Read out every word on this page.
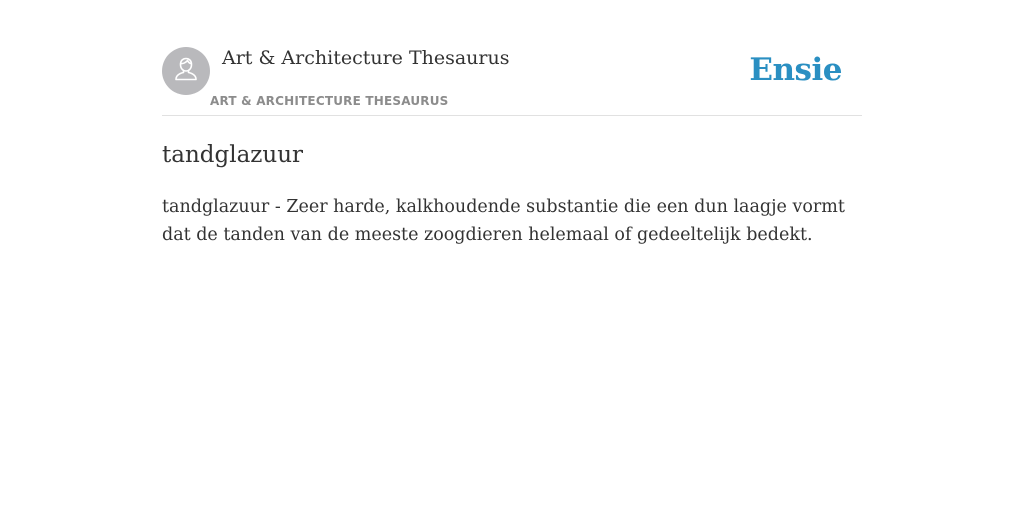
Art & Architecture Thesaurus
ART & ARCHITECTURE THESAURUS
Ensie
tandglazuur

tandglazuur - Zeer harde, kalkhoudende substantie die een dun laagje vormt dat de tanden van de meeste zoogdieren helemaal of gedeeltelijk bedekt.
